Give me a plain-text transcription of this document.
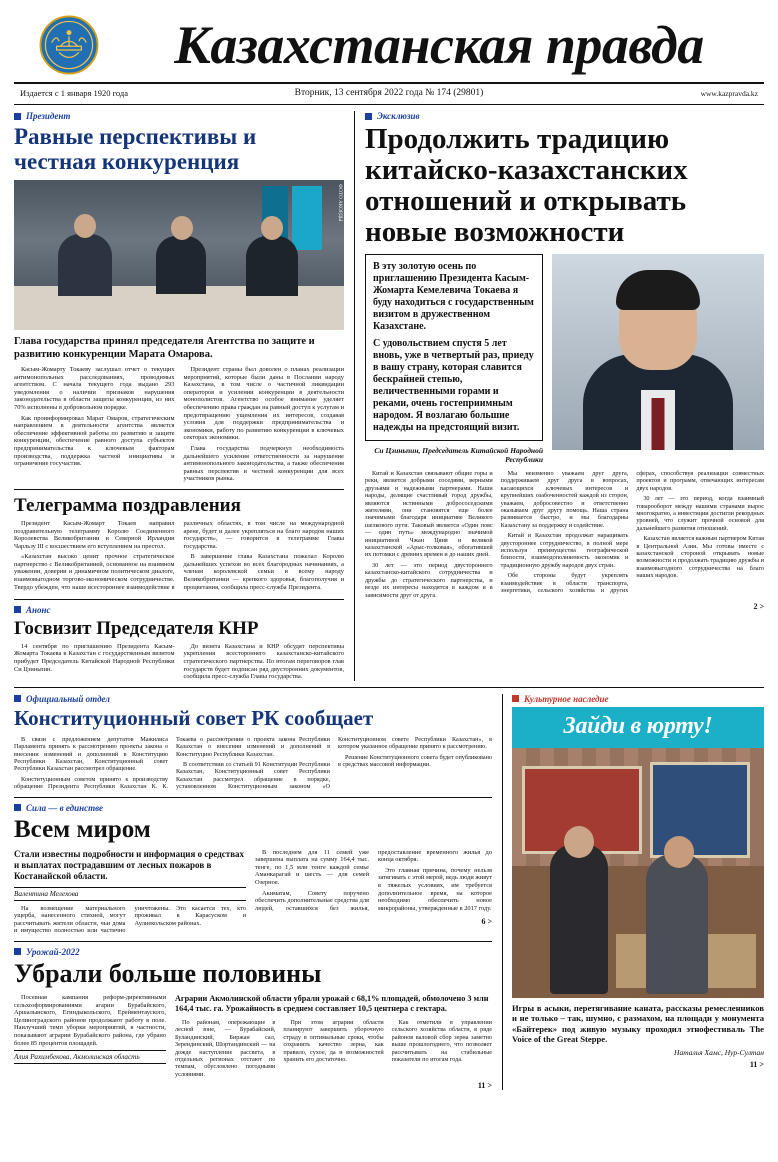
Казахстанская правда
Издается с 1 января 1920 года	Вторник, 13 сентября 2022 года № 174 (29801)	www.kazpravda.kz
Президент
Равные перспективы и честная конкуренция
ФОТО АКОРДЫ

Глава государства принял председателя Агентства по защите и развитию конкуренции Марата Омарова.

Касым-Жомарту Токаеву заслушал отчет о текущих антимонопольных расследованиях, проводимых агентством. С начала текущего года выдано 293 уведомления о наличии признаков нарушения законодательства в области защиты конкуренции, из них 70% исполнены в добровольном порядке.

Как проинформировал Марат Омаров, стратегическим направлением в деятельности агентства является обеспечение эффективной работы по развитию и защите конкуренции, обеспечение равного доступа субъектов предпринимательства к ключевым факторам производства, поддержка частной инициативы и ограничение госучастия.

Президент страны был доволен о планах реализации мероприятий, которые были даны в Послании народу Казахстана, в том числе о частичной ликвидации операторов и усилении конкуренции в деятельности монополистов. Агентство особое внимание уделяет обеспечению права граждан на равный доступ к услугам и предотвращению ущемления их интересов, создавая условия для поддержки предпринимательства и экономики, работу по развитию конкуренции в ключевых секторах экономики.

Глава государства подчеркнул необходимость дальнейшего усиления ответственности за нарушение антимонопольного законодательства, а также обеспечения равных перспектив и честной конкуренции для всех участников рынка.

Телеграмма поздравления

Президент Касым-Жомарт Токаев направил поздравительную телеграмму Королю Соединенного Королевства Великобритании и Северной Ирландии Чарльзу III с восшествием его вступлением на престол.

«Казахстан высоко ценит прочное стратегическое партнерство с Великобританией, основанное на взаимном уважении, доверии и динамичном политическом диалоге, взаимовыгодном торгово-экономическом сотрудничестве. Твердо убежден, что наше всестороннее взаимодействие в различных областях, в том числе на международной арене, будет и далее укрепляться на благо народов наших государств», — говорится в телеграмме Главы государства.

В завершение глава Казахстана пожелал Королю дальнейших успехов во всех благородных начинаниях, а членам королевской семьи и всему народу Великобритании — крепкого здоровья, благополучия и процветания, сообщила пресс-служба Президента.

Анонс
Госвизит Председателя КНР

14 сентября по приглашению Президента Касым-Жомарта Токаева в Казахстан с государственным визитом прибудет Председатель Китайской Народной Республики Си Цзиньпин.

До визита Казахстана и КНР обсудят перспективы укрепления всестороннего казахстанско-китайского стратегического партнерства. По итогам переговоров глав государств будет подписан ряд двусторонних документов, сообщила пресс-служба Главы государства.

Эксклюзив
Продолжить традицию китайско-казахстанских отношений и открывать новые возможности
В эту золотую осень по приглашению Президента Касым-Жомарта Кемелевича Токаева я буду находиться с государственным визитом в дружественном Казахстане.
С удовольствием спустя 5 лет вновь, уже в четвертый раз, приеду в вашу страну, которая славится бескрайней степью, величественными горами и реками, очень гостеприимным народом. Я возлагаю большие надежды на предстоящий визит.
Си Цзиньпин, Председатель Китайской Народной Республики

Китай и Казахстан связывают общие горы и реки, является добрыми соседями, верными друзьями и надежными партнерами. Наши народы, делящие счастливый город дружбы, являются истинными добрососедскими жителями, они становятся еще более значимыми благодаря инициативе Великого шелкового пути. Таковый является «Один пояс — один путь» международно значимой инициативой Чжан Цяня и великой казахстанской «Арыс-толковая», обогатившей их потомки с древних времен и до наших дней.

30 лет — это период двустороннего казахстанско-китайского сотрудничества и дружбы до стратегического партнерства, и везде их интересы находятся в каждом и в зависимости друг от друга.

Мы неизменно уважаем друг друга, поддерживаем друг друга в вопросах, касающихся ключевых интересов и крупнейших озабоченностей каждой из сторон, уважаем, добросовестно и ответственно оказываем друг другу помощь. Наша страна развивается быстро, и мы благодарны Казахстану за поддержку и содействие.

Китай и Казахстан продолжат наращивать двустороннее сотрудничество, в полной мере используя преимущества географической близости, взаимодополняемость экономик и традиционную дружбу народов двух стран.

Обе стороны будут укреплять взаимодействие в области транспорта, энергетики, сельского хозяйства и других сферах, способствуя реализации совместных проектов и программ, отвечающих интересам двух народов.

30 лет — это период, когда взаимный товарооборот между нашими странами вырос многократно, а инвестиции достигли рекордных уровней, что служит прочной основой для дальнейшего развития отношений.

Казахстан является важным партнером Китая в Центральной Азии. Мы готовы вместе с казахстанской стороной открывать новые возможности и продолжать традицию дружбы и взаимовыгодного сотрудничества на благо наших народов.

2 >
Официальный отдел
Конституционный совет РК сообщает

В связи с предложением депутатов Мажилиса Парламента принять к рассмотрению проекты закона о внесении изменений и дополнений в Конституцию Республики Казахстан, Конституционный совет Республики Казахстан рассмотрел обращение.

Конституционным советом принято к производству обращение Президента Республики Казахстан К. К. Токаева о рассмотрении о проекта закона Республики Казахстан о внесении изменений и дополнений в Конституцию Республики Казахстан.

В соответствии со статьей 91 Конституции Республики Казахстан, Конституционный совет Республики Казахстан рассмотрел обращение в порядке, установленном Конституционным законом «О Конституционном совете Республики Казахстан», в котором указанное обращение принято к рассмотрению.

Решение Конституционного совета будет опубликовано в средствах массовой информации.

Сила — в единстве
Всем миром

Стали известны подробности и информация о средствах и выплатах пострадавшим от лесных пожаров в Костанайской области.

Валентина Мелехова

На возмещение материального ущерба, нанесенного стихией, могут рассчитывать жители области, чьи дома и имущество полностью или частично уничтожены. Это касается тех, кто проживал в Карасуском и Аулиекольском районах.

В последнем для 11 семей уже завершена выплата на сумму 164,4 тыс. тенге, по 1,5 млн тенге каждой семье Аманкарагай и шесть — для семей Озерное.

Акиматам, Совету поручено обеспечить дополнительные средства для людей, оставшихся без жилья, предоставление временного жилья до конца октября.

Это главная причина, почему нельзя затягивать с этой мерой, ведь люди живут в тяжелых условиях, им требуется дополнительное время, на которое необходимо обеспечить новое микрорайоны, утвержденные в 2017 году.

6 >
Урожай-2022
Убрали больше половины

Посевная кампания реформ-директивными сельхозформированиями агарии Бурабайского, Аршалынского, Егиндыкольского, Ерейментауского, Целиноградского районов продолжают работу в поле. Наилучший темп уборки мероприятий, в частности, показывают аграрии Бурабайского района, где убрано более 85 процентов площадей.

Алия Рахимбекова, Акмолинская область

Аграрии Акмолинской области убрали урожай с 68,1% площадей, обмолочено 3 млн 164,4 тыс. га. Урожайность в среднем составляет 10,5 центнера с гектара.

По районам, опережающие в лесной зоне, — Бурабайский, Буландинский, Биржан сал, Зерендинский, Шортандинский — на дожде наступление рассвета, в отдельных регионах отстают по темпам, обусловлено погодными условиями.

При этом аграрии области планируют завершить уборочную страду в оптимальные сроки, чтобы сохранить качество зерна, как правило, сухое, да и возможностей хранить его достаточно.

Как отметили в управлении сельского хозяйства области, в ряде районов валовой сбор зерна заметно выше прошлогоднего, что позволяет рассчитывать на стабильные показатели по итогам года.

11 >
Культурное наследие
Зайди в юрту!
Игры в асыки, перетягивание каната, рассказы ремесленников и не только – так, шумно, с размахом, на площади у монумента «Байтерек» под живую музыку проходил этнофестиваль The Voice of the Great Steppe.
Наталья Хамс, Нур-Султан
11 >
